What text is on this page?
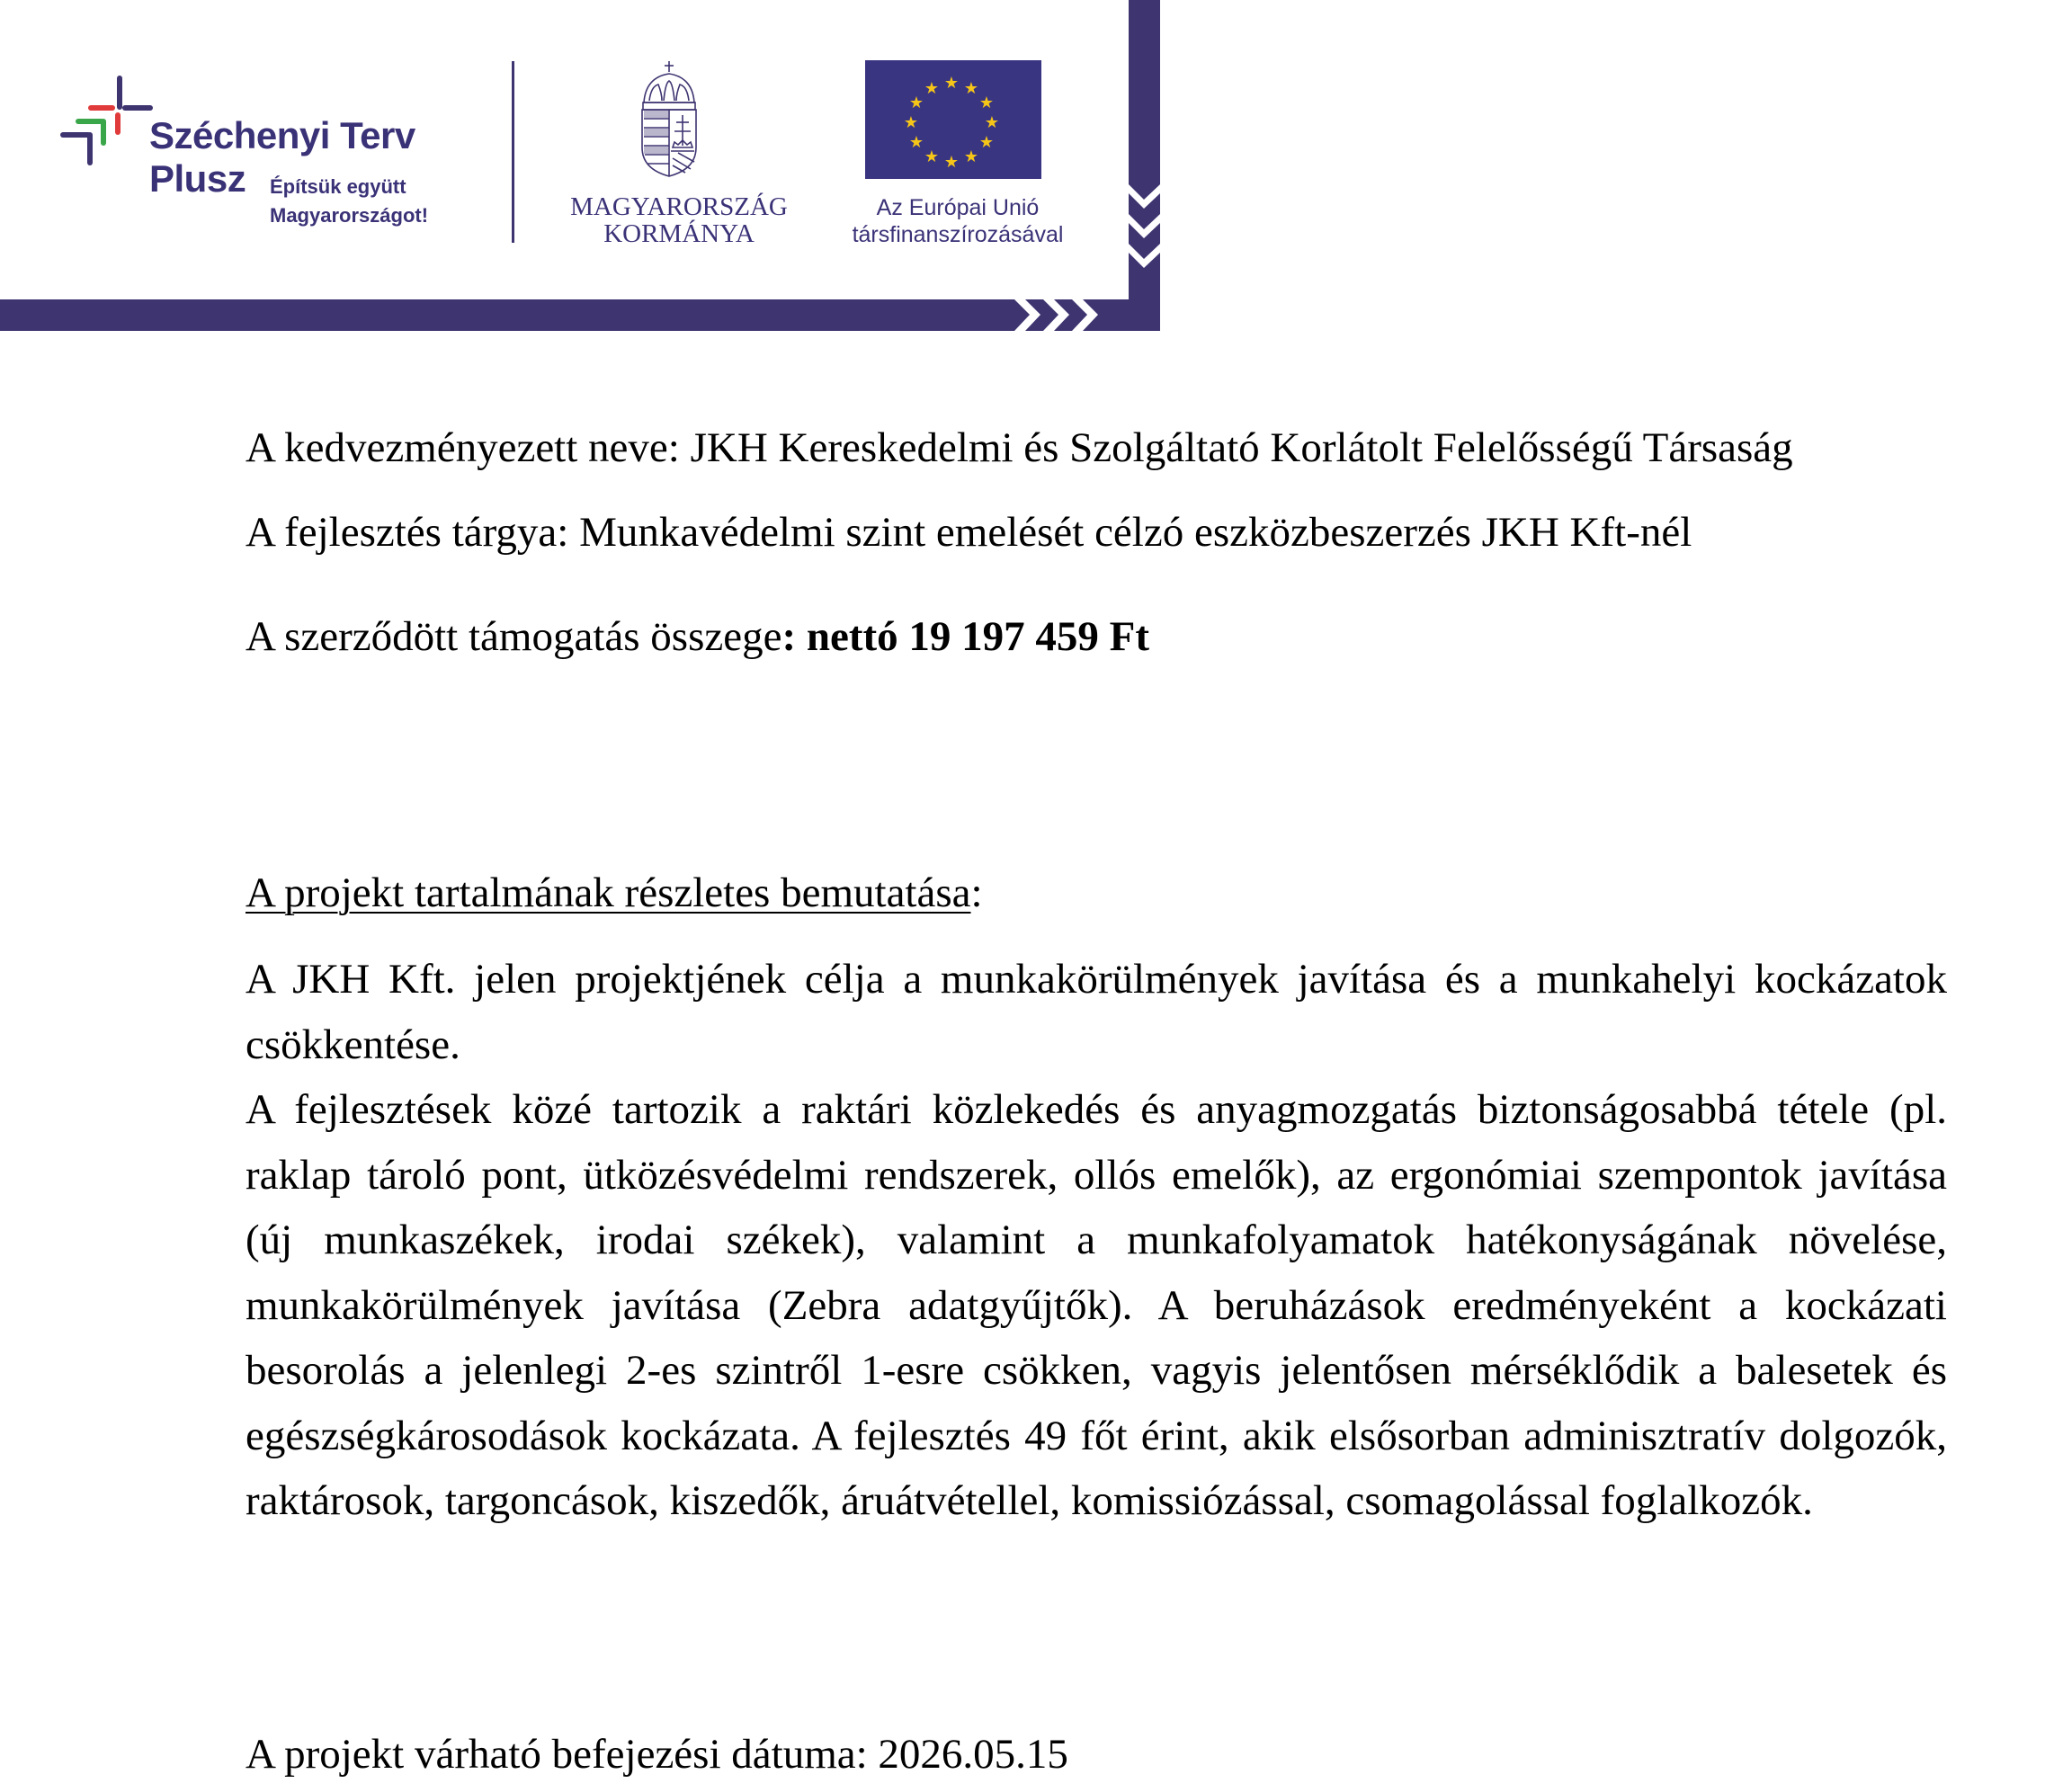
Széchenyi Terv
Plusz Építsük együtt
Magyarországot!	MAGYARORSZÁG
KORMÁNYA
★ ★
★
★
★
★
★
★
★
★
★
★
Az Európai Unió
társfinanszírozásával
A kedvezményezett neve: JKH Kereskedelmi és Szolgáltató Korlátolt Felelősségű Társaság
A fejlesztés tárgya: Munkavédelmi szint emelését célzó eszközbeszerzés JKH Kft-nél
A szerződött támogatás összege: nettó 19 197 459 Ft
A projekt tartalmának részletes bemutatása:

A JKH Kft. jelen projektjének célja a munkakörülmények javítása és a munkahelyi kockázatok csökkentése.

A fejlesztések közé tartozik a raktári közlekedés és anyagmozgatás biztonságosabbá tétele (pl. raklap tároló pont, ütközésvédelmi rendszerek, ollós emelők), az ergonómiai szempontok javítása (új munkaszékek, irodai székek), valamint a munkafolyamatok hatékonyságának növelése, munkakörülmények javítása (Zebra adatgyűjtők). A beruházások eredményeként a kockázati besorolás a jelenlegi 2-es szintről 1-esre csökken, vagyis jelentősen mérséklődik a balesetek és egészségkárosodások kockázata. A fejlesztés 49 főt érint, akik elsősorban adminisztratív dolgozók, raktárosok, targoncások, kiszedők, áruátvétellel, komissiózással, csomagolással foglalkozók.

A projekt várható befejezési dátuma: 2026.05.15
